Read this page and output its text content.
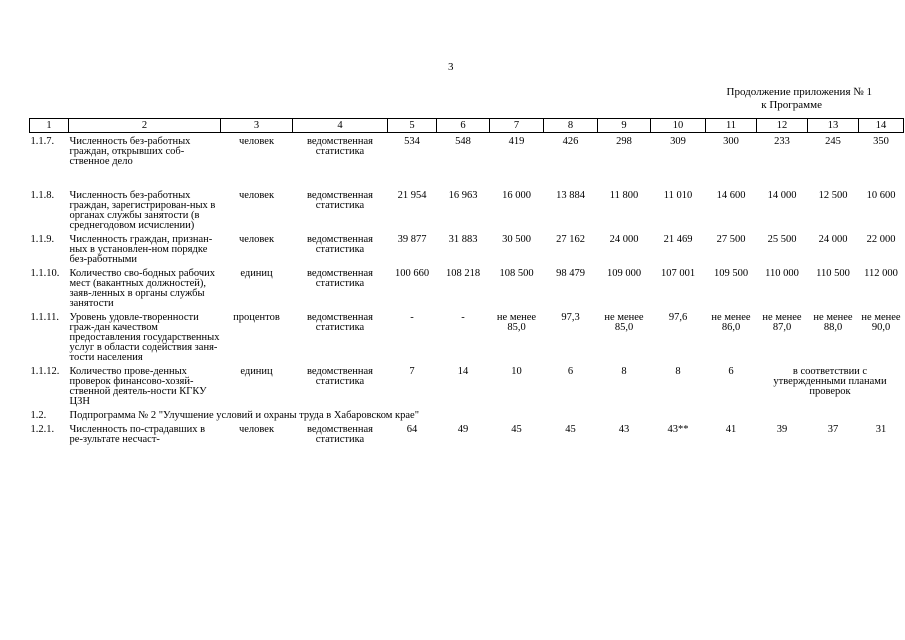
3
Продолжение приложения № 1
к Программе
1	2	3	4	5	6	7	8	9	10	11	12	13	14
1.1.7.	Численность без-работных граждан, открывших соб-ственное дело	человек	ведомственная статистика	534	548	419	426	298	309	300	233	245	350
1.1.8.	Численность без-работных граждан, зарегистрирован-ных в органах службы занятости (в среднегодовом исчислении)	человек	ведомственная статистика	21 954	16 963	16 000	13 884	11 800	11 010	14 600	14 000	12 500	10 600
1.1.9.	Численность граждан, признан-ных в установлен-ном порядке без-работными	человек	ведомственная статистика	39 877	31 883	30 500	27 162	24 000	21 469	27 500	25 500	24 000	22 000
1.1.10.	Количество сво-бодных рабочих мест (вакантных должностей), заяв-ленных в органы службы занятости	единиц	ведомственная статистика	100 660	108 218	108 500	98 479	109 000	107 001	109 500	110 000	110 500	112 000
1.1.11.	Уровень удовле-творенности граж-дан качеством предоставления государственных услуг в области содействия заня-тости населения	процентов	ведомственная статистика	-	-	не менее 85,0	97,3	не менее 85,0	97,6	не менее 86,0	не менее 87,0	не менее 88,0	не менее 90,0
1.1.12.	Количество прове-денных проверок финансово-хозяй-ственной деятель-ности КГКУ ЦЗН	единиц	ведомственная статистика	7	14	10	6	8	8	6	в соответствии с утвержденными планами проверок		
1.2.	Подпрограмма № 2 "Улучшение условий и охраны труда в Хабаровском крае"												
1.2.1.	Численность по-страдавших в ре-зультате несчаст-	человек	ведомственная статистика	64	49	45	45	43	43**	41	39	37	31
